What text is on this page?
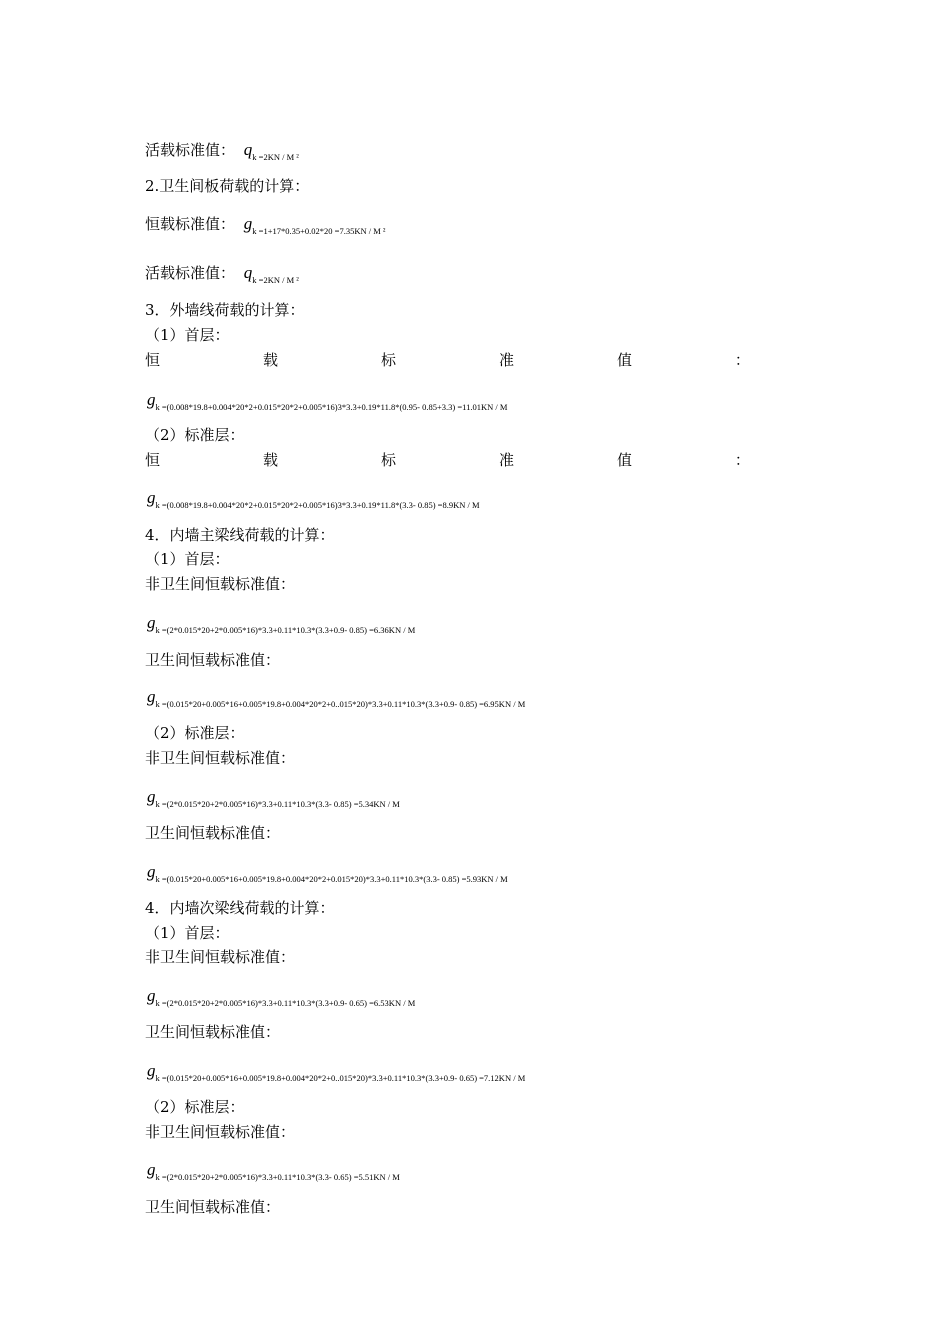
活载标准值： $q_{k =2KN / M ^2}$
2.卫生间板荷载的计算：
恒载标准值： $g_{k =1+17*0.35+0.02*20 =7.35KN / M ^2}$
活载标准值： $q_{k =2KN / M ^2}$
3．外墙线荷载的计算：
（1）首层：
恒	载	标	准	值	：
$g_{k =(0.008*19.8+0.004*20*2+0.015*20*2+0.005*16)3*3.3+0.19*11.8*(0.95- 0.85+3.3) =11.01KN / M}$
（2）标准层：
恒	载	标	准	值	：
$g_{k =(0.008*19.8+0.004*20*2+0.015*20*2+0.005*16)3*3.3+0.19*11.8*(3.3- 0.85) =8.9KN / M}$
4．内墙主梁线荷载的计算：
（1）首层：
非卫生间恒载标准值：
$g_{k =(2*0.015*20+2*0.005*16)*3.3+0.11*10.3*(3.3+0.9- 0.85) =6.36KN / M}$
卫生间恒载标准值：
$g_{k =(0.015*20+0.005*16+0.005*19.8+0.004*20*2+0..015*20)*3.3+0.11*10.3*(3.3+0.9- 0.85) =6.95KN / M}$
（2）标准层：
非卫生间恒载标准值：
$g_{k =(2*0.015*20+2*0.005*16)*3.3+0.11*10.3*(3.3- 0.85) =5.34KN / M}$
卫生间恒载标准值：
$g_{k =(0.015*20+0.005*16+0.005*19.8+0.004*20*2+0.015*20)*3.3+0.11*10.3*(3.3- 0.85) =5.93KN / M}$
4．内墙次梁线荷载的计算：
（1）首层：
非卫生间恒载标准值：
$g_{k =(2*0.015*20+2*0.005*16)*3.3+0.11*10.3*(3.3+0.9- 0.65) =6.53KN / M}$
卫生间恒载标准值：
$g_{k =(0.015*20+0.005*16+0.005*19.8+0.004*20*2+0..015*20)*3.3+0.11*10.3*(3.3+0.9- 0.65) =7.12KN / M}$
（2）标准层：
非卫生间恒载标准值：
$g_{k =(2*0.015*20+2*0.005*16)*3.3+0.11*10.3*(3.3- 0.65) =5.51KN / M}$
卫生间恒载标准值：
